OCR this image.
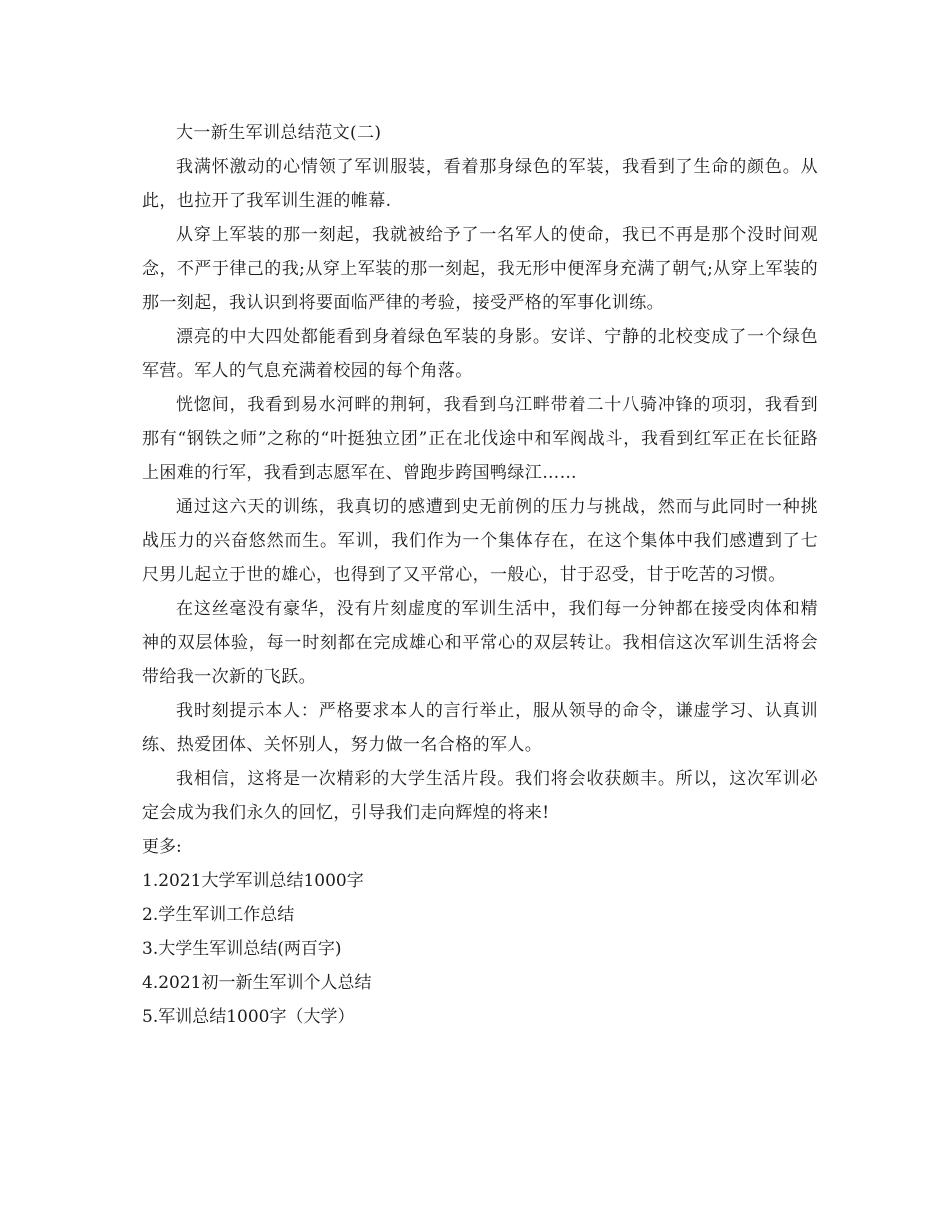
大一新生军训总结范文(二)

我满怀激动的心情领了军训服装，看着那身绿色的军装，我看到了生命的颜色。从此，也拉开了我军训生涯的帷幕.

从穿上军装的那一刻起，我就被给予了一名军人的使命，我已不再是那个没时间观念，不严于律己的我;从穿上军装的那一刻起，我无形中便浑身充满了朝气;从穿上军装的那一刻起，我认识到将要面临严律的考验，接受严格的军事化训练。

漂亮的中大四处都能看到身着绿色军装的身影。安详、宁静的北校变成了一个绿色军营。军人的气息充满着校园的每个角落。

恍惚间，我看到易水河畔的荆轲，我看到乌江畔带着二十八骑冲锋的项羽，我看到那有“钢铁之师”之称的“叶挺独立团”正在北伐途中和军阀战斗，我看到红军正在长征路上困难的行军，我看到志愿军在、曾跑步跨国鸭绿江……

通过这六天的训练，我真切的感遭到史无前例的压力与挑战，然而与此同时一种挑战压力的兴奋悠然而生。军训，我们作为一个集体存在，在这个集体中我们感遭到了七尺男儿起立于世的雄心，也得到了又平常心，一般心，甘于忍受，甘于吃苦的习惯。

在这丝毫没有豪华，没有片刻虚度的军训生活中，我们每一分钟都在接受肉体和精神的双层体验，每一时刻都在完成雄心和平常心的双层转让。我相信这次军训生活将会带给我一次新的飞跃。

我时刻提示本人：严格要求本人的言行举止，服从领导的命令，谦虚学习、认真训练、热爱团体、关怀别人，努力做一名合格的军人。

我相信，这将是一次精彩的大学生活片段。我们将会收获颇丰。所以，这次军训必定会成为我们永久的回忆，引导我们走向辉煌的将来!

更多:

1.2021大学军训总结1000字
2.学生军训工作总结
3.大学生军训总结(两百字)
4.2021初一新生军训个人总结
5.军训总结1000字（大学）
